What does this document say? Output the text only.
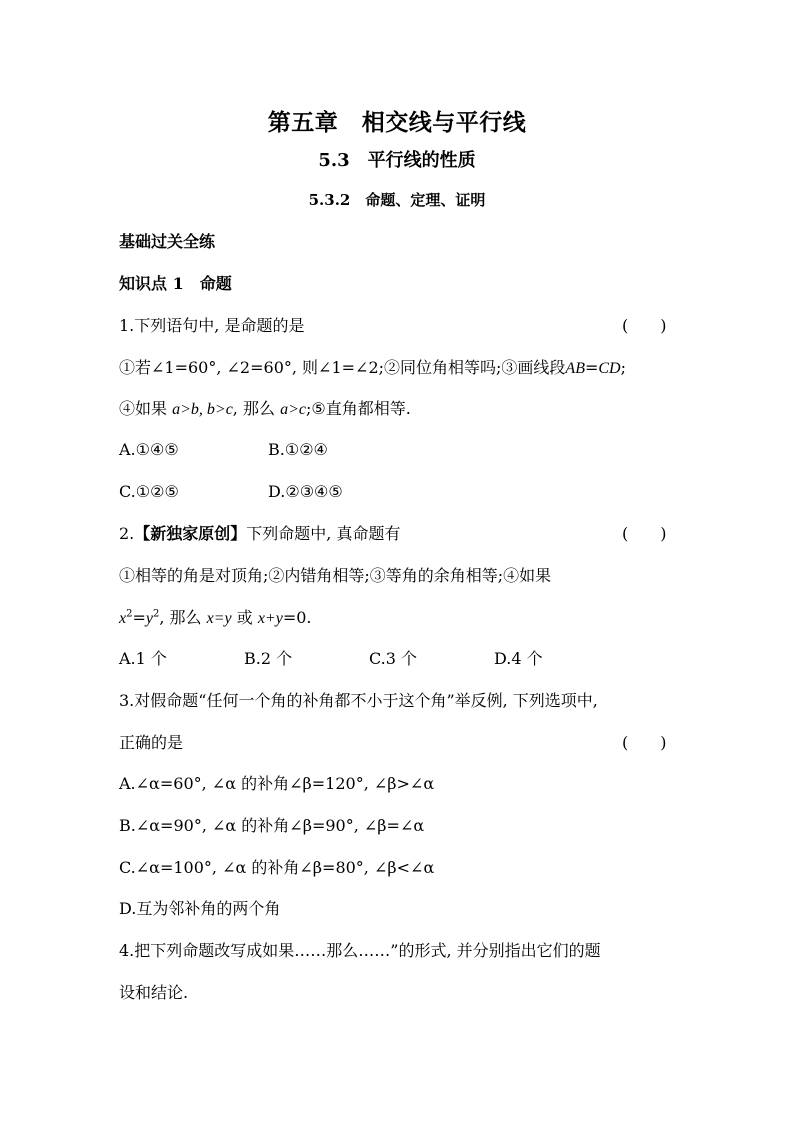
第五章　相交线与平行线
5.3　平行线的性质
5.3.2　命题、定理、证明
基础过关全练
知识点 1　命题
1.下列语句中, 是命题的是	(　　)
①若∠1=60°, ∠2=60°, 则∠1=∠2;②同位角相等吗;③画线段AB=CD;
④如果 a>b, b>c, 那么 a>c;⑤直角都相等.
A.①④⑤	B.①②④
C.①②⑤	D.②③④⑤
2.【新独家原创】下列命题中, 真命题有	(　　)
①相等的角是对顶角;②内错角相等;③等角的余角相等;④如果
$x^2=y^2$, 那么 x=y 或 x+y=0.
A.1 个	B.2 个	C.3 个	D.4 个
3.对假命题“任何一个角的补角都不小于这个角”举反例, 下列选项中,
正确的是	(　　)
A.∠α=60°, ∠α 的补角∠β=120°, ∠β>∠α
B.∠α=90°, ∠α 的补角∠β=90°, ∠β=∠α
C.∠α=100°, ∠α 的补角∠β=80°, ∠β<∠α
D.互为邻补角的两个角
4.把下列命题改写成如果……那么……”的形式, 并分别指出它们的题
设和结论.
